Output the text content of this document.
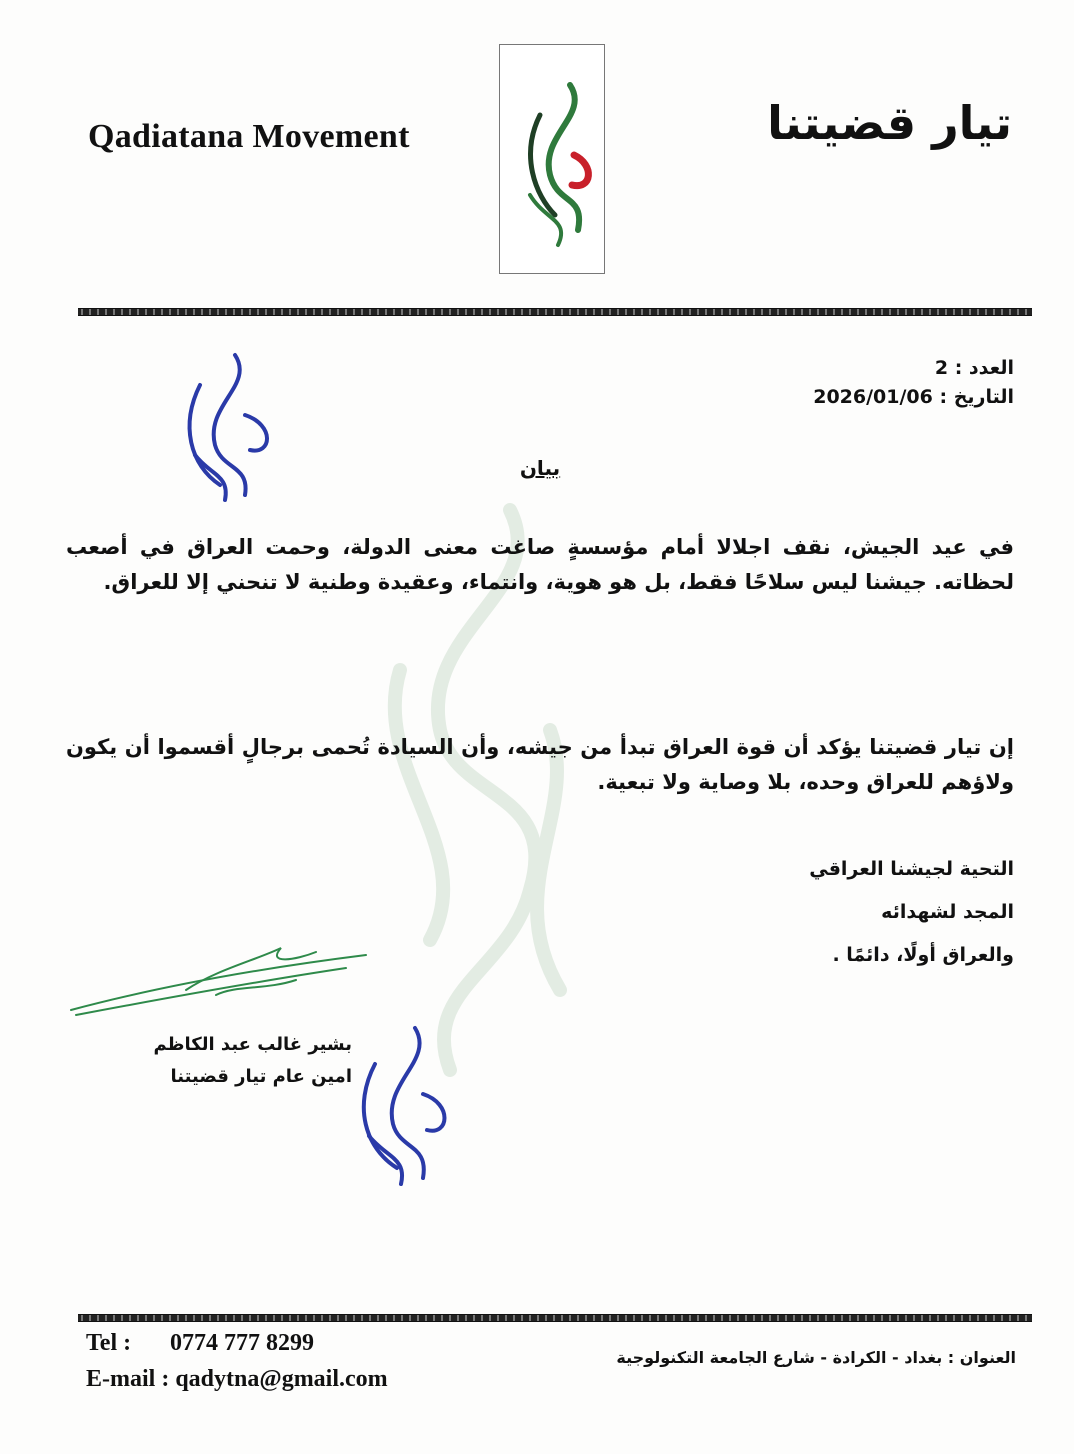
Qadiatana Movement	تيار قضيتنا
العدد : 2
التاريخ : 2026/01/06
بيان
في عيد الجيش، نقف اجلالا أمام مؤسسةٍ صاغت معنى الدولة، وحمت العراق في أصعب لحظاته. جيشنا ليس سلاحًا فقط، بل هو هوية، وانتماء، وعقيدة وطنية لا تنحني إلا للعراق.
إن تيار قضيتنا يؤكد أن قوة العراق تبدأ من جيشه، وأن السيادة تُحمى برجالٍ أقسموا أن يكون ولاؤهم للعراق وحده، بلا وصاية ولا تبعية.
التحية لجيشنا العراقي
المجد لشهدائه
والعراق أولًا، دائمًا .
بشير غالب عبد الكاظم
امين عام تيار قضيتنا
Tel : 0774 777 8299
E-mail : qadytna@gmail.com
العنوان : بغداد - الكرادة - شارع الجامعة التكنولوجية
